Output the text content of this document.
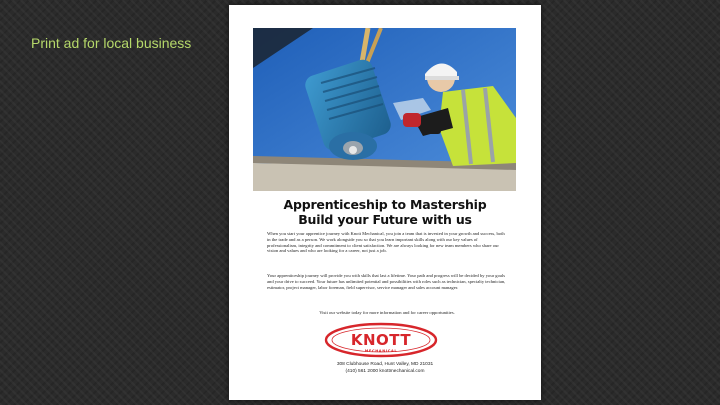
Print ad for local business
Apprenticeship to Mastership
Build your Future with us
When you start your apprentice journey with Knott Mechanical, you join a team that is invested in your growth and success, both in the trade and as a person. We work alongside you so that you learn important skills along with our key values of professionalism, integrity and commitment to client satisfaction. We are always looking for new team members who share our vision and values and who are looking for a career, not just a job.
Your apprenticeship journey will provide you with skills that last a lifetime. Your path and progress will be decided by your goals and your drive to succeed. Your future has unlimited potential and possibilities with roles such as technician, specialty technician, estimator, project manager, labor foreman, field supervisor, service manager and sales account manager.
Visit our website today for more information and for career opportunities.
KNOTT
MECHANICAL
308 Clubhouse Road, Hunt Valley, MD 21031
(410) 561 2000 knottmechanical.com
